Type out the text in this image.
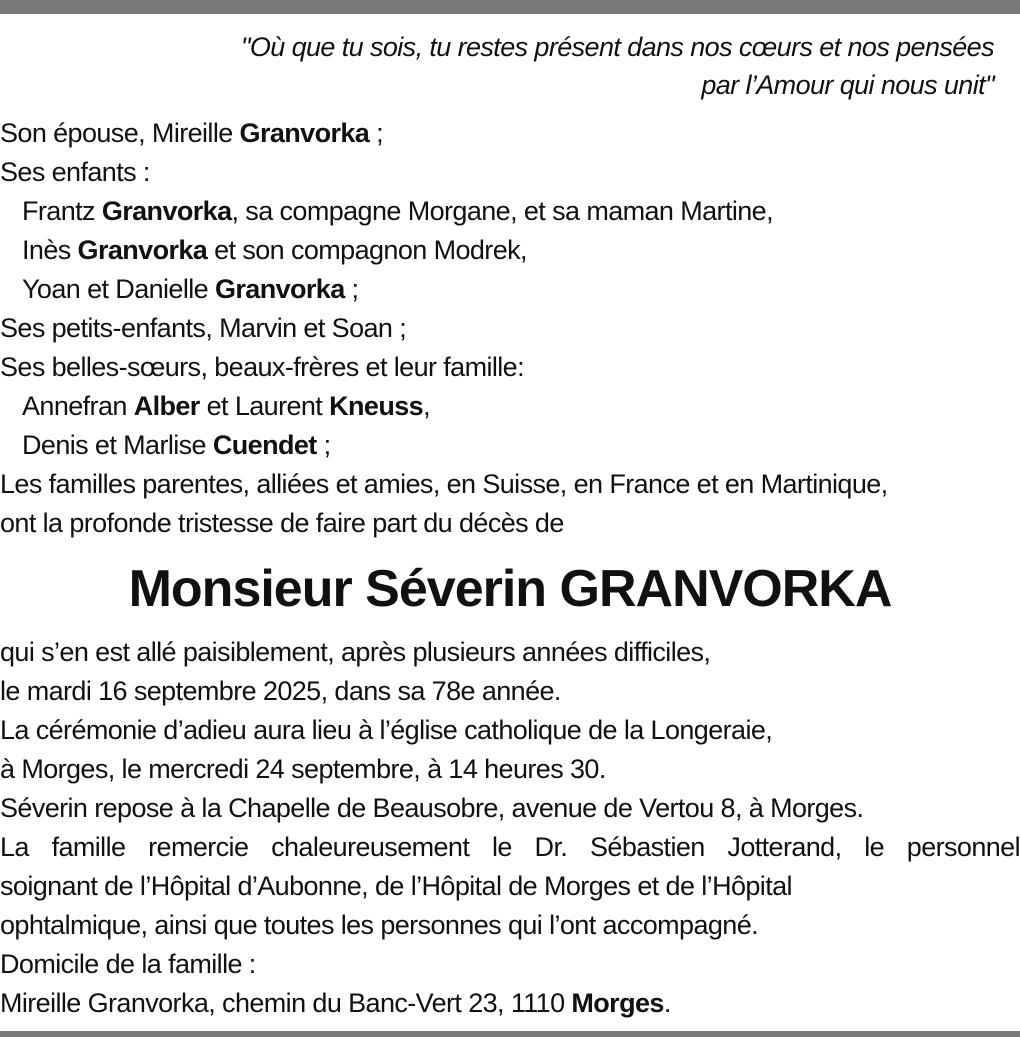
"Où que tu sois, tu restes présent dans nos cœurs et nos pensées
par l’Amour qui nous unit"
Son épouse, Mireille Granvorka ;
Ses enfants :
Frantz Granvorka, sa compagne Morgane, et sa maman Martine,
Inès Granvorka et son compagnon Modrek,
Yoan et Danielle Granvorka ;
Ses petits-enfants, Marvin et Soan ;
Ses belles-sœurs, beaux-frères et leur famille:
Annefran Alber et Laurent Kneuss,
Denis et Marlise Cuendet ;
Les familles parentes, alliées et amies, en Suisse, en France et en Martinique,
ont la profonde tristesse de faire part du décès de
Monsieur Séverin GRANVORKA
qui s’en est allé paisiblement, après plusieurs années difficiles,
le mardi 16 septembre 2025, dans sa 78e année.
La cérémonie d’adieu aura lieu à l’église catholique de la Longeraie,
à Morges, le mercredi 24 septembre, à 14 heures 30.
Séverin repose à la Chapelle de Beausobre, avenue de Vertou 8, à Morges.
La famille remercie chaleureusement le Dr. Sébastien Jotterand, le personnel
soignant de l’Hôpital d’Aubonne, de l’Hôpital de Morges et de l’Hôpital
ophtalmique, ainsi que toutes les personnes qui l’ont accompagné.
Domicile de la famille :
Mireille Granvorka, chemin du Banc-Vert 23, 1110 Morges.
